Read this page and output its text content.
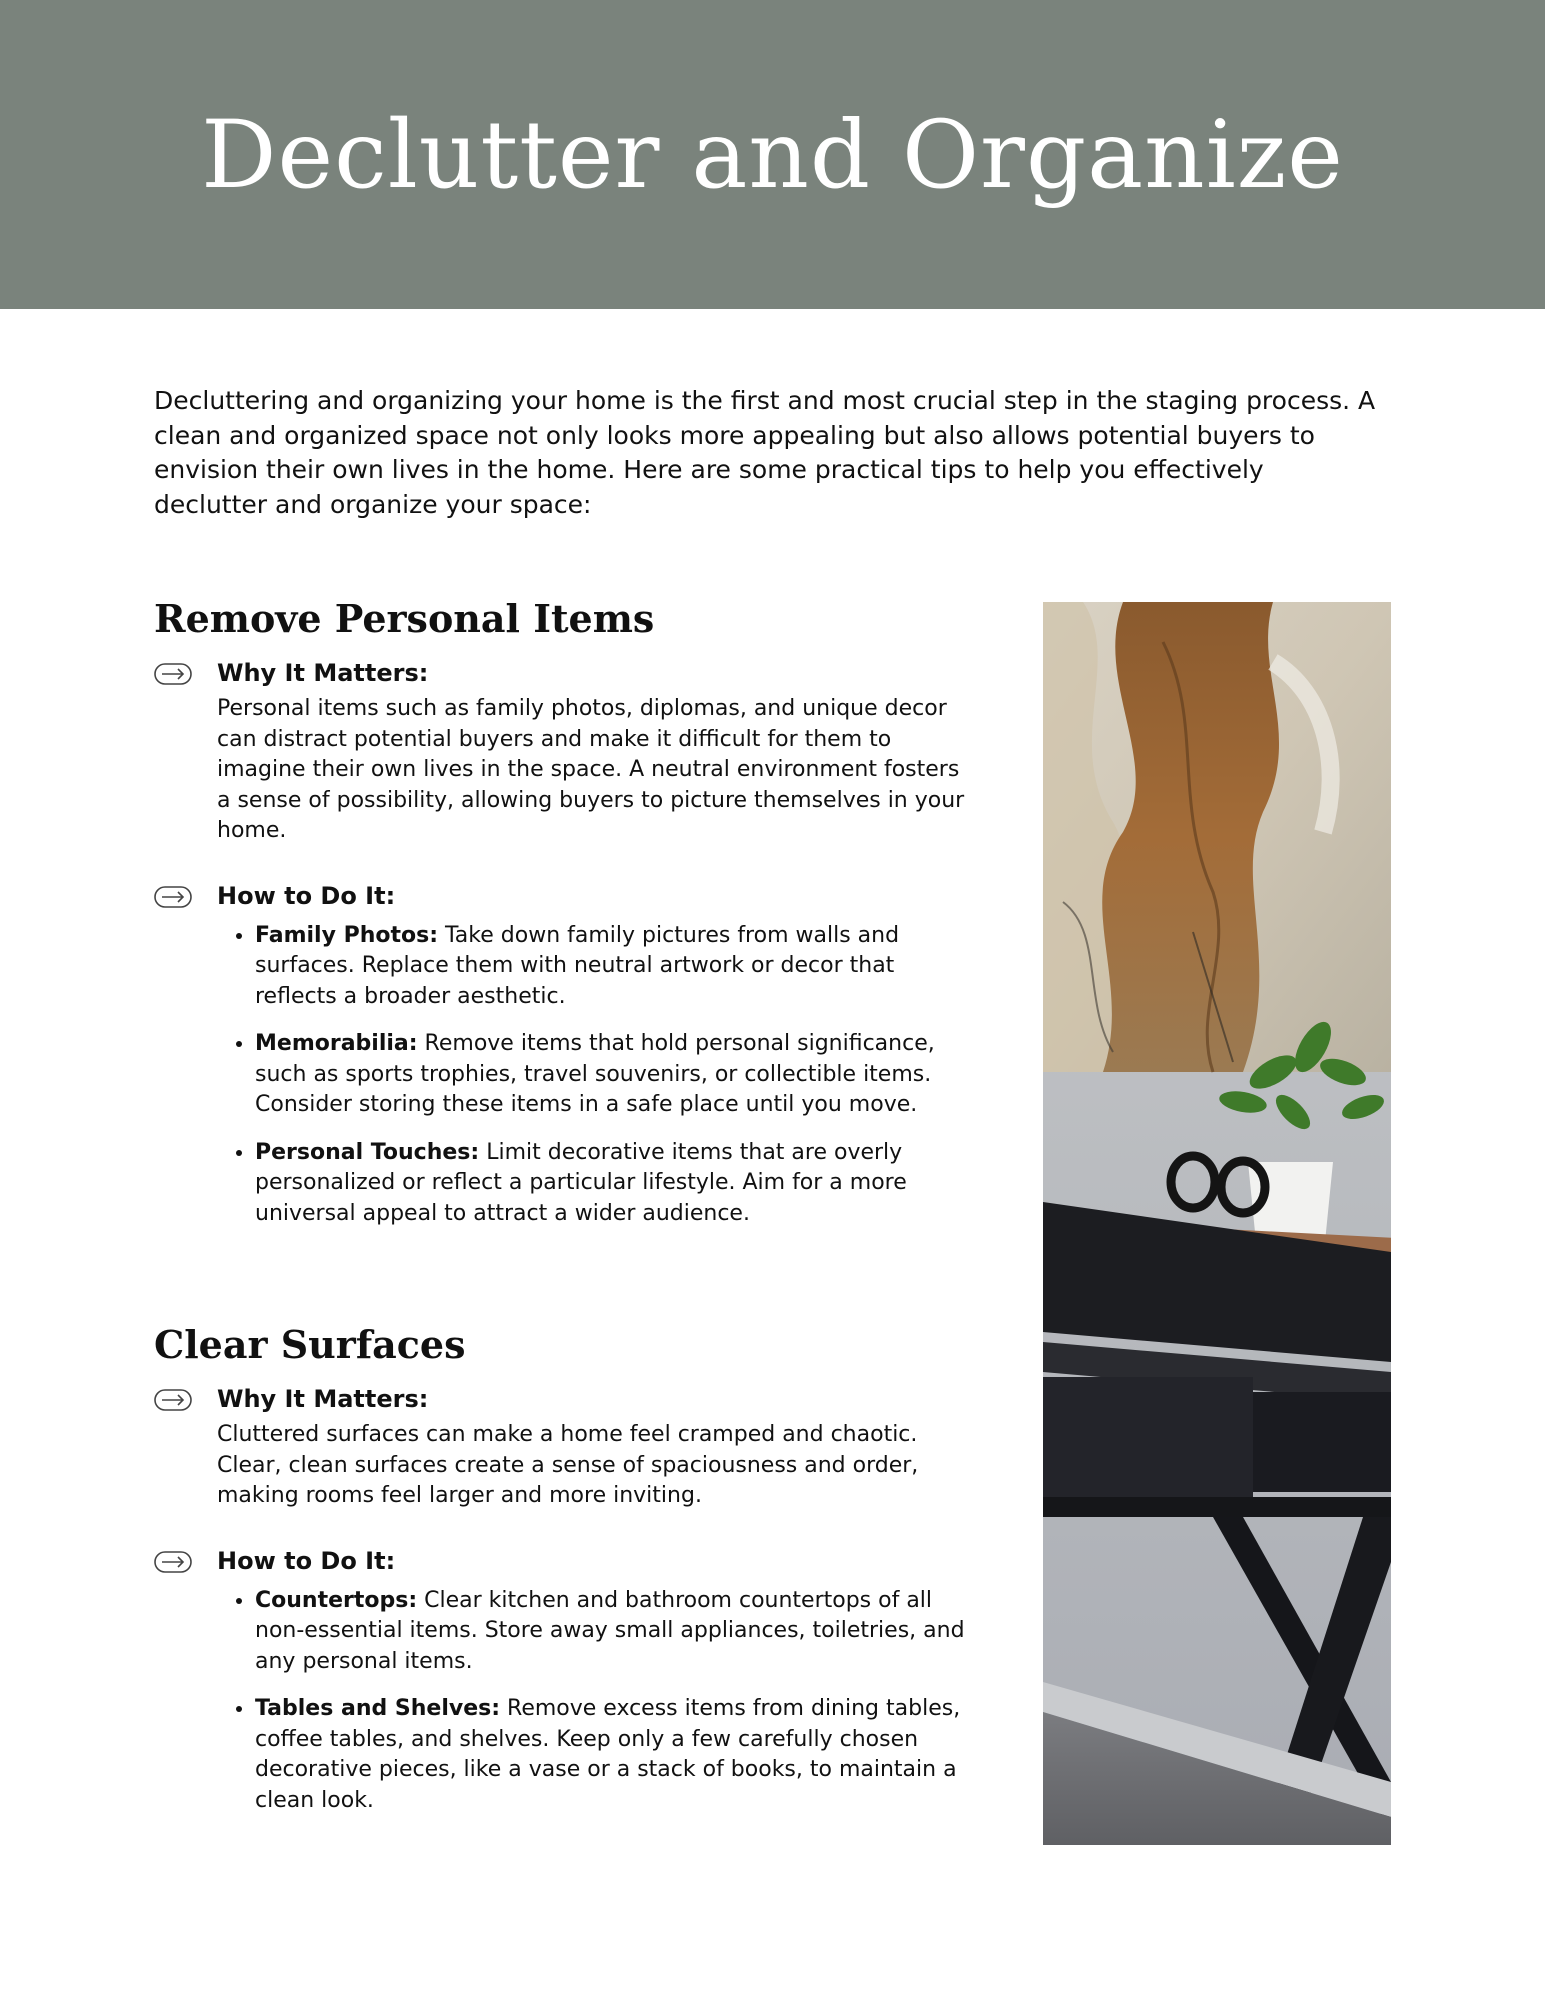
Declutter and Organize

Decluttering and organizing your home is the first and most crucial step in the staging process. A clean and organized space not only looks more appealing but also allows potential buyers to envision their own lives in the home. Here are some practical tips to help you effectively declutter and organize your space:

Remove Personal Items
Why It Matters:
Personal items such as family photos, diplomas, and unique decor can distract potential buyers and make it difficult for them to imagine their own lives in the space. A neutral environment fosters a sense of possibility, allowing buyers to picture themselves in your home.
How to Do It:
• Family Photos: Take down family pictures from walls and surfaces. Replace them with neutral artwork or decor that reflects a broader aesthetic.
• Memorabilia: Remove items that hold personal significance, such as sports trophies, travel souvenirs, or collectible items. Consider storing these items in a safe place until you move.
• Personal Touches: Limit decorative items that are overly personalized or reflect a particular lifestyle. Aim for a more universal appeal to attract a wider audience.
Clear Surfaces
Why It Matters:
Cluttered surfaces can make a home feel cramped and chaotic. Clear, clean surfaces create a sense of spaciousness and order, making rooms feel larger and more inviting.
How to Do It:
• Countertops: Clear kitchen and bathroom countertops of all non-essential items. Store away small appliances, toiletries, and any personal items.
• Tables and Shelves: Remove excess items from dining tables, coffee tables, and shelves. Keep only a few carefully chosen decorative pieces, like a vase or a stack of books, to maintain a clean look.
